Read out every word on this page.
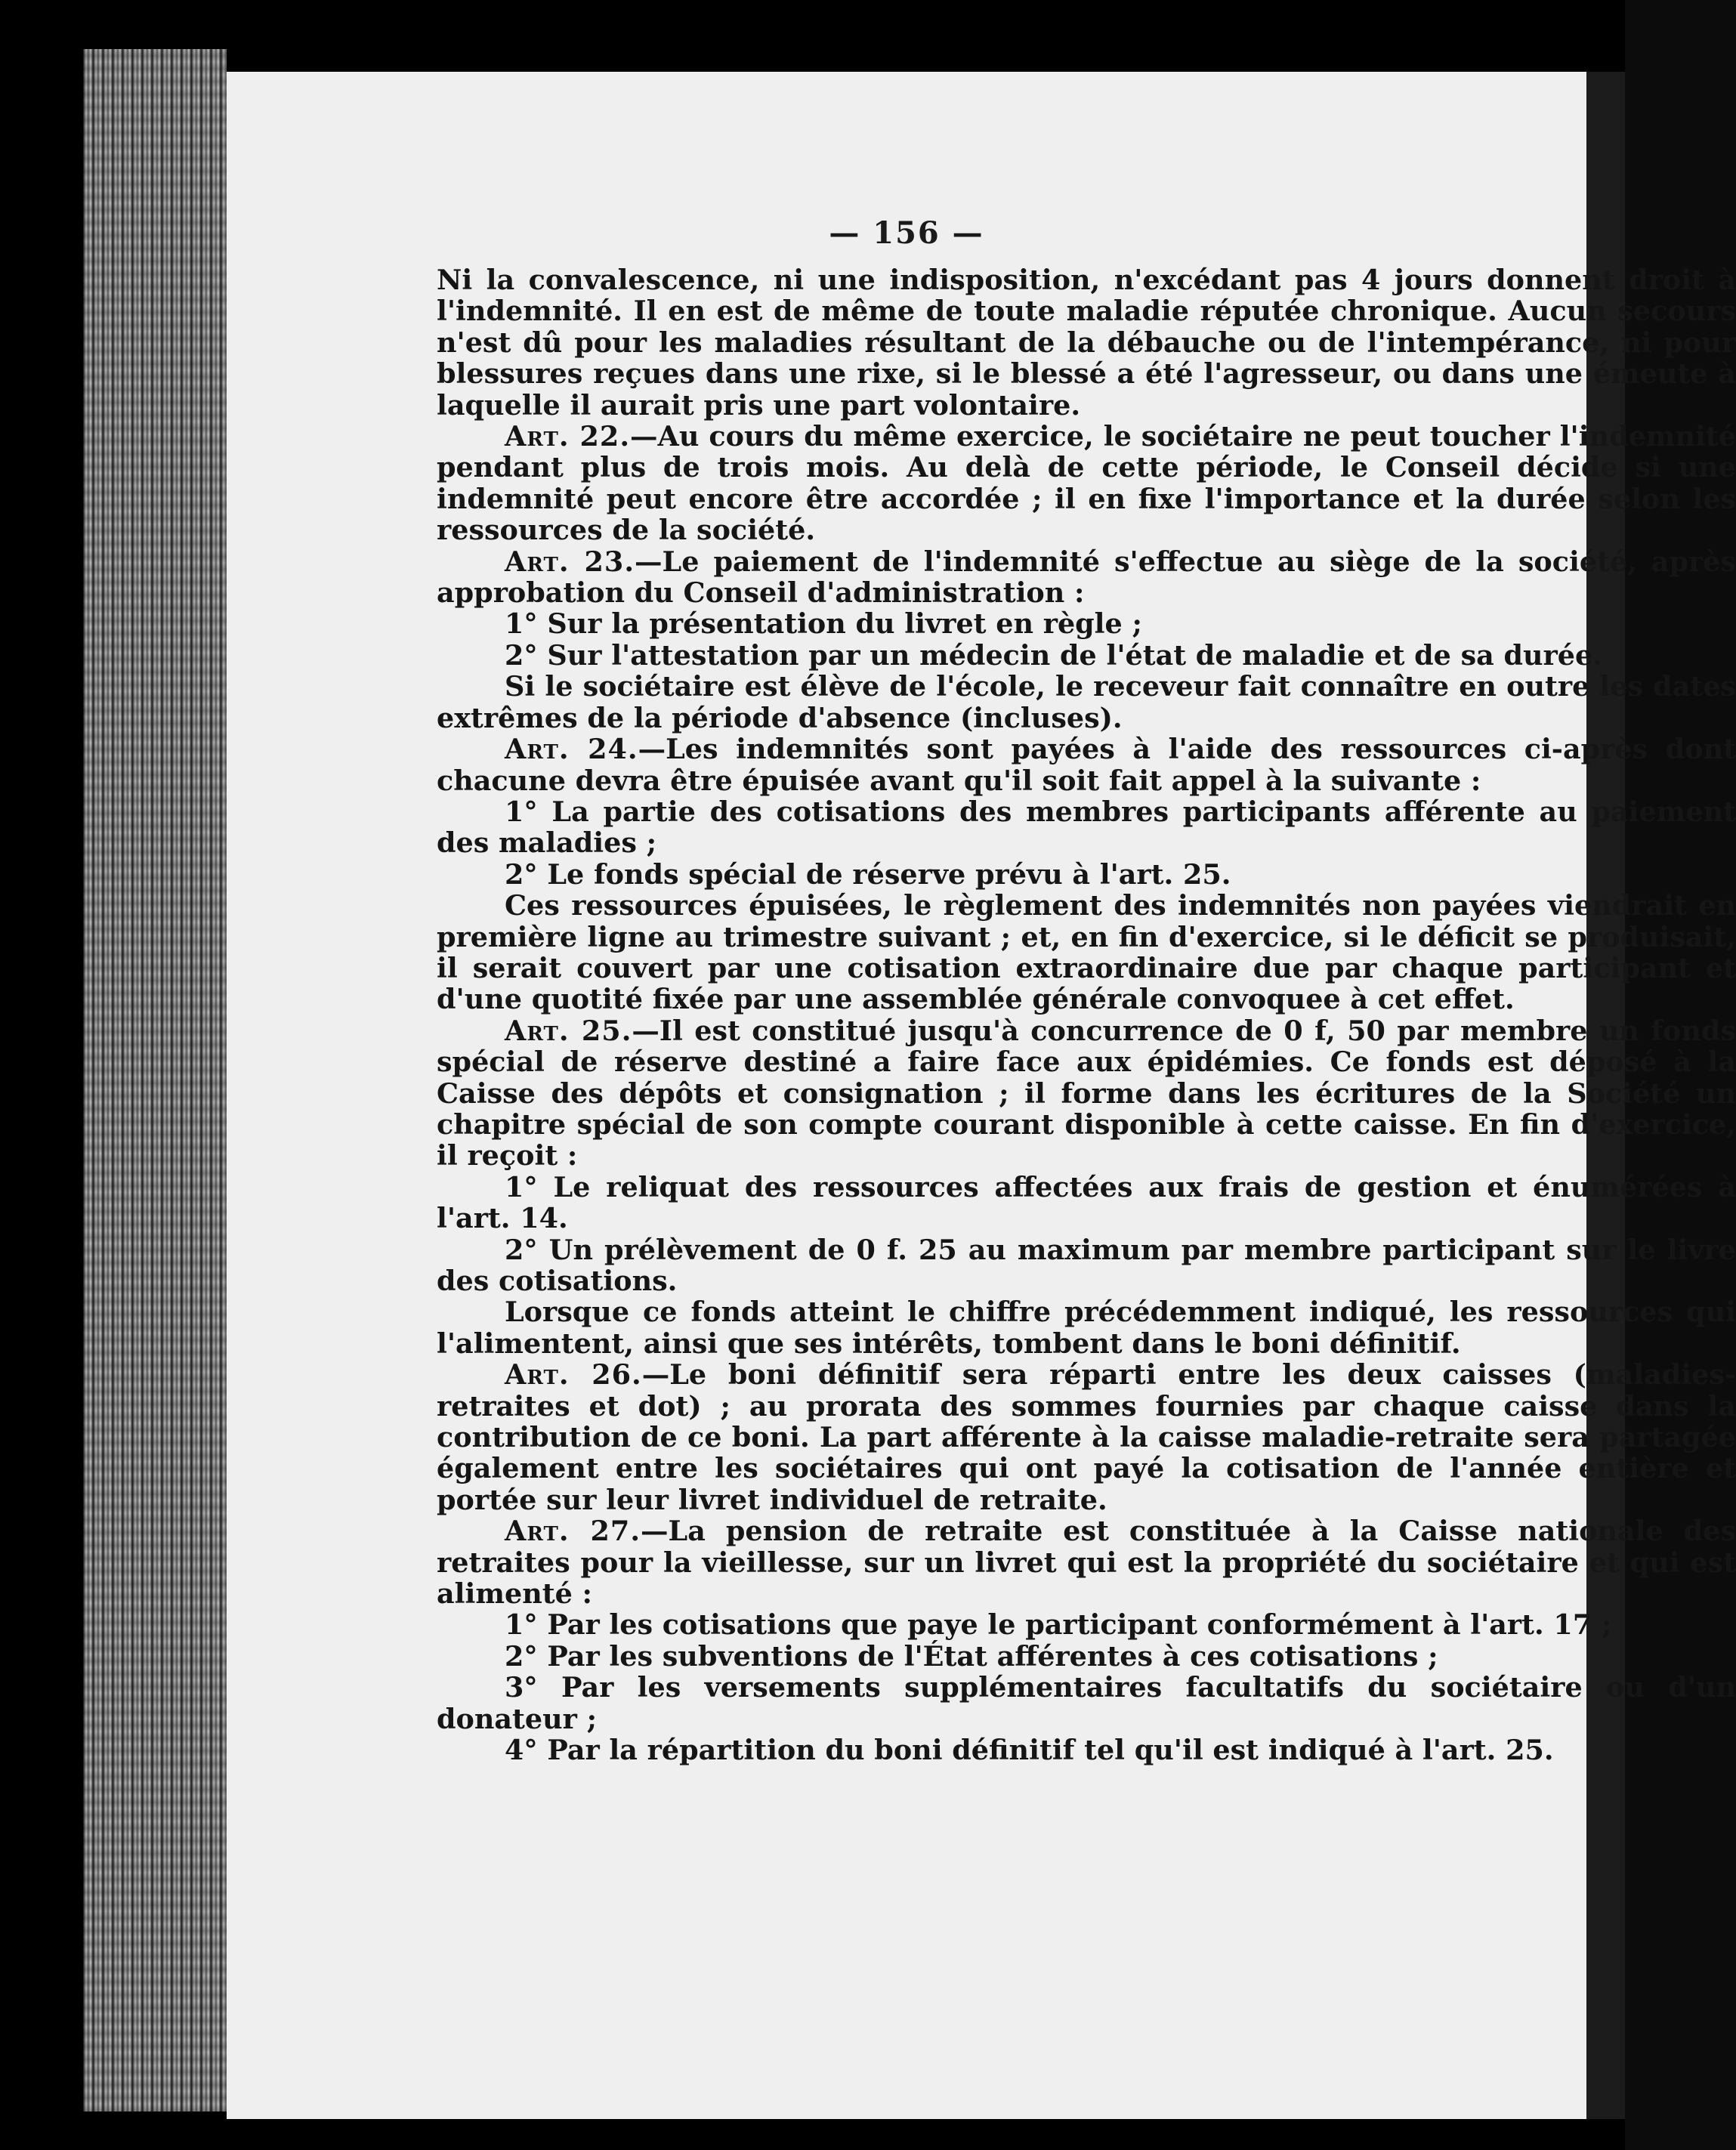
— 156 —

Ni la convalescence, ni une indisposition, n'excédant pas 4 jours donnent droit à l'indemnité. Il en est de même de toute maladie réputée chronique. Aucun secours n'est dû pour les maladies résultant de la débauche ou de l'intempérance, ni pour blessures reçues dans une rixe, si le blessé a été l'agresseur, ou dans une émeute à laquelle il aurait pris une part volontaire.

Art. 22.—Au cours du même exercice, le sociétaire ne peut toucher l'indemnité pendant plus de trois mois. Au delà de cette période, le Conseil décide si une indemnité peut encore être accordée ; il en fixe l'importance et la durée selon les ressources de la société.

Art. 23.—Le paiement de l'indemnité s'effectue au siège de la société, après approbation du Conseil d'administration :

1° Sur la présentation du livret en règle ;

2° Sur l'attestation par un médecin de l'état de maladie et de sa durée.

Si le sociétaire est élève de l'école, le receveur fait connaître en outre les dates extrêmes de la période d'absence (incluses).

Art. 24.—Les indemnités sont payées à l'aide des ressources ci-après dont chacune devra être épuisée avant qu'il soit fait appel à la suivante :

1° La partie des cotisations des membres participants afférente au paiement des maladies ;

2° Le fonds spécial de réserve prévu à l'art. 25.

Ces ressources épuisées, le règlement des indemnités non payées viendrait en première ligne au trimestre suivant ; et, en fin d'exercice, si le déficit se produisait, il serait couvert par une cotisation extraordinaire due par chaque participant et d'une quotité fixée par une assemblée générale convoquee à cet effet.

Art. 25.—Il est constitué jusqu'à concurrence de 0 f, 50 par membre un fonds spécial de réserve destiné a faire face aux épidémies. Ce fonds est déposé à la Caisse des dépôts et consignation ; il forme dans les écritures de la Société un chapitre spécial de son compte courant disponible à cette caisse. En fin d'exercice, il reçoit :

1° Le reliquat des ressources affectées aux frais de gestion et énumérées à l'art. 14.

2° Un prélèvement de 0 f. 25 au maximum par membre participant sur le livre des cotisations.

Lorsque ce fonds atteint le chiffre précédemment indiqué, les ressources qui l'alimentent, ainsi que ses intérêts, tombent dans le boni définitif.

Art. 26.—Le boni définitif sera réparti entre les deux caisses (maladies-retraites et dot) ; au prorata des sommes fournies par chaque caisse dans la contribution de ce boni. La part afférente à la caisse maladie-retraite sera partagée également entre les sociétaires qui ont payé la cotisation de l'année entière et portée sur leur livret individuel de retraite.

Art. 27.—La pension de retraite est constituée à la Caisse nationale des retraites pour la vieillesse, sur un livret qui est la propriété du sociétaire et qui est alimenté :

1° Par les cotisations que paye le participant conformément à l'art. 17 ;

2° Par les subventions de l'État afférentes à ces cotisations ;

3° Par les versements supplémentaires facultatifs du sociétaire ou d'un donateur ;

4° Par la répartition du boni définitif tel qu'il est indiqué à l'art. 25.
